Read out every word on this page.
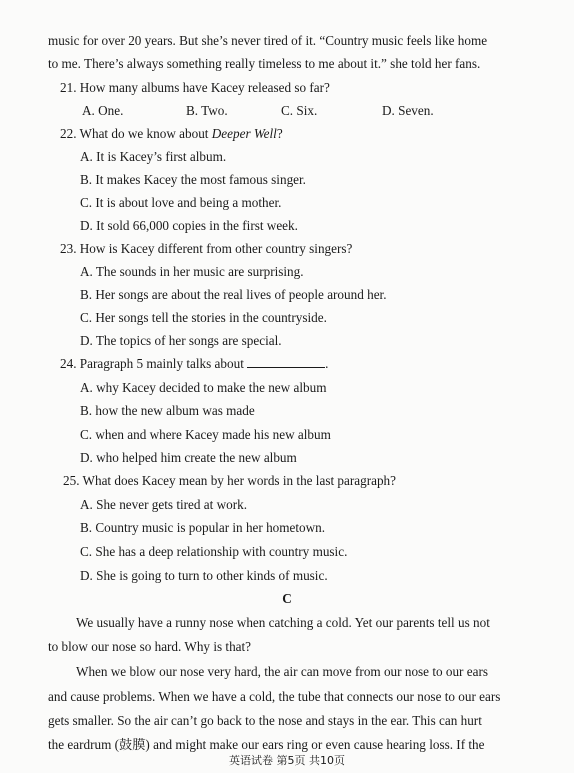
music for over 20 years. But she’s never tired of it. “Country music feels like home
to me. There’s always something really timeless to me about it.” she told her fans.
21. How many albums have Kacey released so far?
A. One.	B. Two.	C. Six.	D. Seven.
22. What do we know about Deeper Well?
A. It is Kacey’s first album.
B. It makes Kacey the most famous singer.
C. It is about love and being a mother.
D. It sold 66,000 copies in the first week.
23. How is Kacey different from other country singers?
A. The sounds in her music are surprising.
B. Her songs are about the real lives of people around her.
C. Her songs tell the stories in the countryside.
D. The topics of her songs are special.
24. Paragraph 5 mainly talks about	.
A. why Kacey decided to make the new album
B. how the new album was made
C. when and where Kacey made his new album
D. who helped him create the new album
25. What does Kacey mean by her words in the last paragraph?
A. She never gets tired at work.
B. Country music is popular in her hometown.
C. She has a deep relationship with country music.
D. She is going to turn to other kinds of music.
C
We usually have a runny nose when catching a cold. Yet our parents tell us not
to blow our nose so hard. Why is that?
When we blow our nose very hard, the air can move from our nose to our ears
and cause problems. When we have a cold, the tube that connects our nose to our ears
gets smaller. So the air can’t go back to the nose and stays in the ear. This can hurt
the eardrum (鼓膜) and might make our ears ring or even cause hearing loss. If the
英语试卷 第5页 共10页
